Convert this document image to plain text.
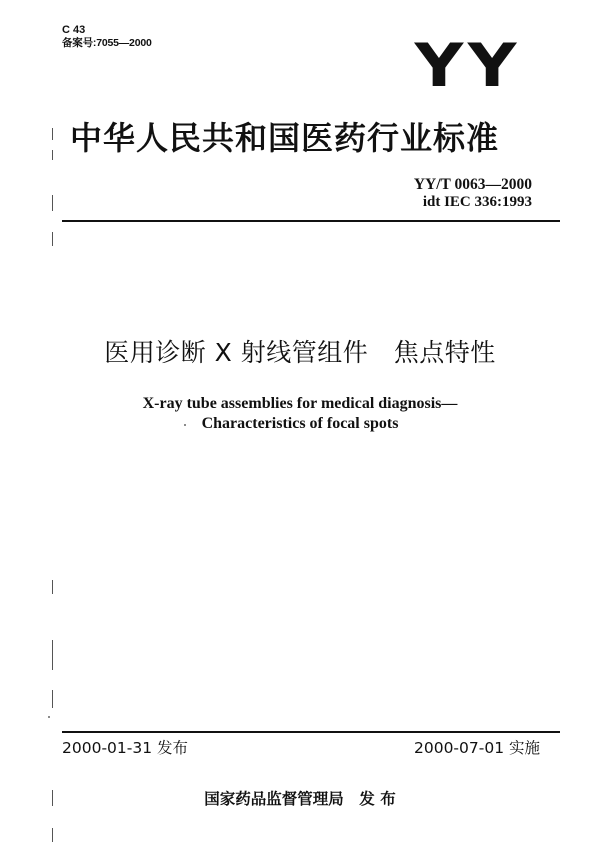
C 43
备案号:7055—2000	YY
中华人民共和国医药行业标准
YY/T 0063—2000
idt IEC 336:1993
医用诊断 X 射线管组件　焦点特性
X-ray tube assemblies for medical diagnosis—
Characteristics of focal spots
2000-01-31 发布	2000-07-01 实施
国家药品监督管理局　发 布
